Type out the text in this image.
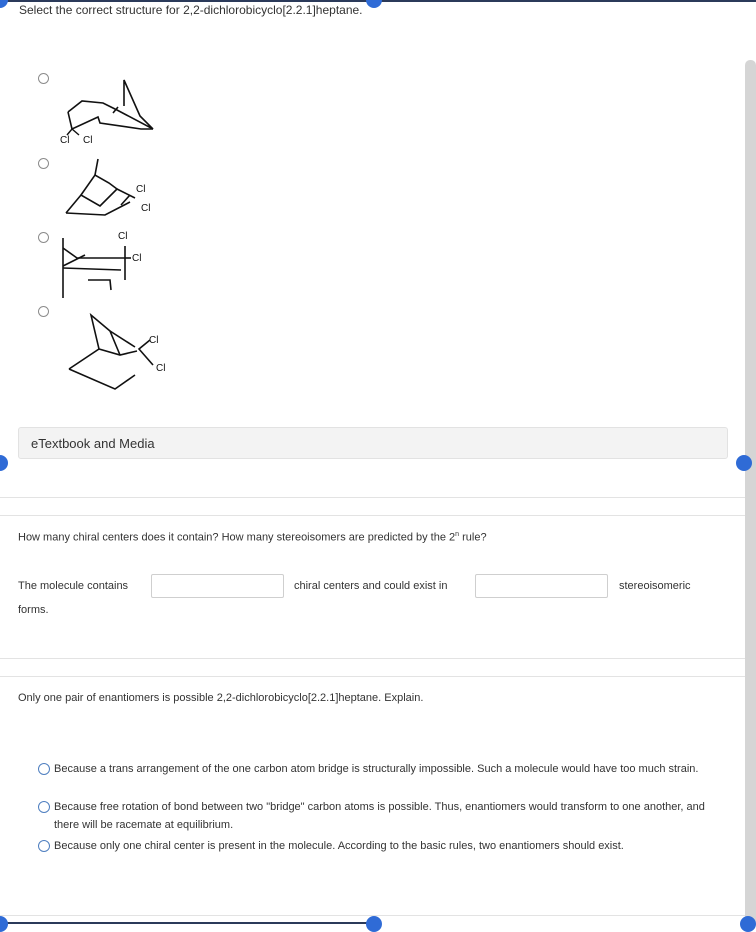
Select the correct structure for 2,2-dichlorobicyclo[2.2.1]heptane.
Cl Cl
Cl
Cl
Cl
Cl
Cl
Cl
eTextbook and Media
How many chiral centers does it contain? How many stereoisomers are predicted by the 2$^n$ rule?
The molecule contains	chiral centers and could exist in	stereoisomeric
forms.
Only one pair of enantiomers is possible 2,2-dichlorobicyclo[2.2.1]heptane. Explain.
Because a trans arrangement of the one carbon atom bridge is structurally impossible. Such a molecule would have too much strain.
Because free rotation of bond between two "bridge" carbon atoms is possible. Thus, enantiomers would transform to one another, and there will be racemate at equilibrium.
Because only one chiral center is present in the molecule. According to the basic rules, two enantiomers should exist.
